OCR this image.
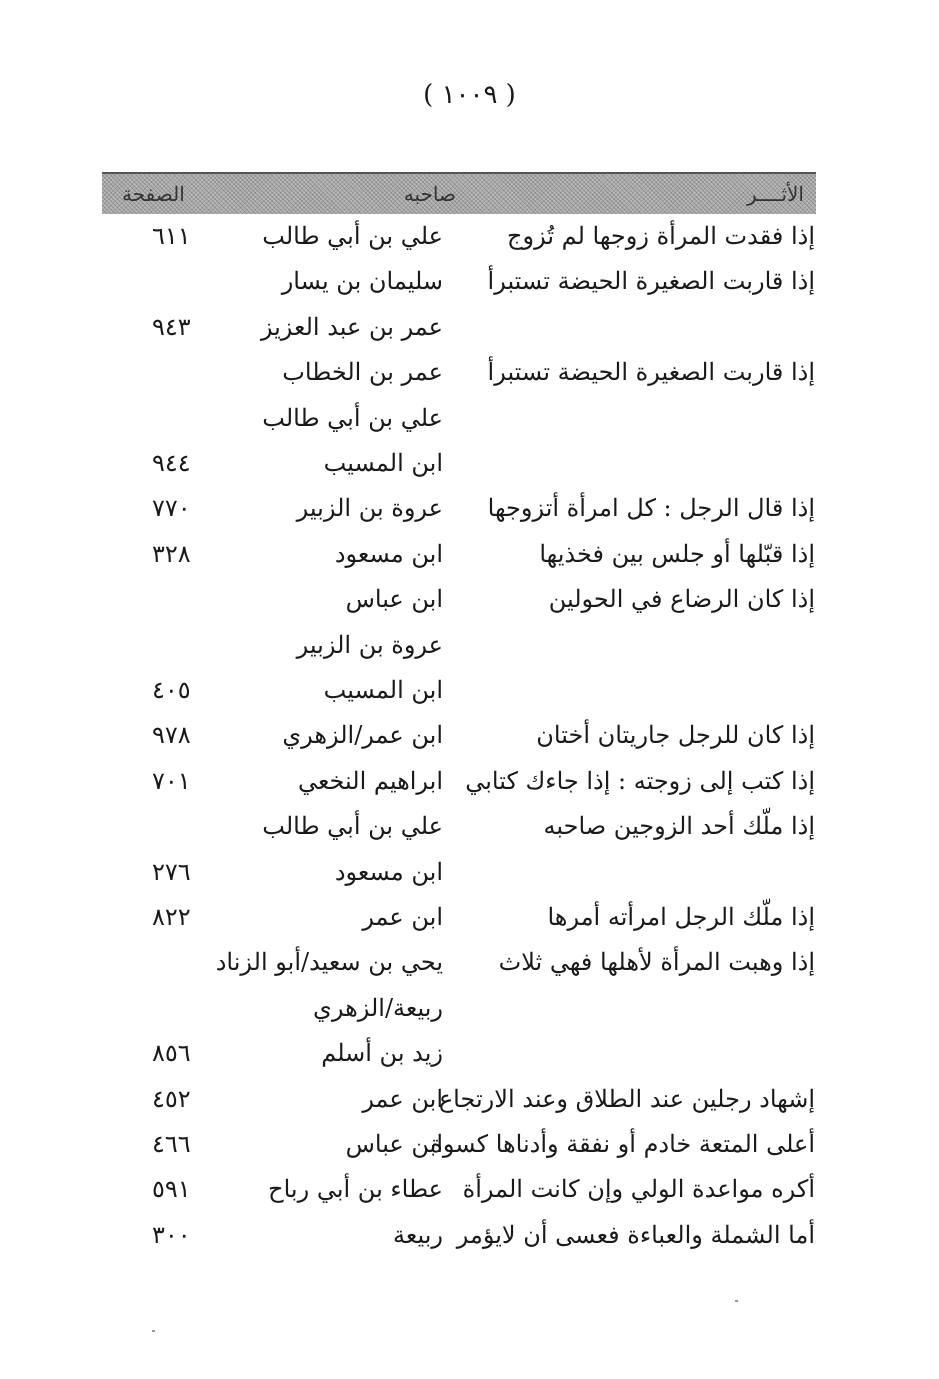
( ١٠٠٩ )
الأثــــر
صاحبه
الصفحة
إذا فقدت المرأة زوجها لم تُزوج
علي بن أبي طالب
٦١١
إذا قاربت الصغيرة الحيضة تستبرأ
سليمان بن يسار
عمر بن عبد العزيز
٩٤٣
إذا قاربت الصغيرة الحيضة تستبرأ
عمر بن الخطاب
علي بن أبي طالب
ابن المسيب
٩٤٤
إذا قال الرجل : كل امرأة أتزوجها
عروة بن الزبير
٧٧٠
إذا قبّلها أو جلس بين فخذيها
ابن مسعود
٣٢٨
إذا كان الرضاع في الحولين
ابن عباس
عروة بن الزبير
ابن المسيب
٤٠٥
إذا كان للرجل جاريتان أختان
ابن عمر/الزهري
٩٧٨
إذا كتب إلى زوجته : إذا جاءك كتابي
ابراهيم النخعي
٧٠١
إذا ملّك أحد الزوجين صاحبه
علي بن أبي طالب
ابن مسعود
٢٧٦
إذا ملّك الرجل امرأته أمرها
ابن عمر
٨٢٢
إذا وهبت المرأة لأهلها فهي ثلاث
يحي بن سعيد/أبو الزناد
ربيعة/الزهري
زيد بن أسلم
٨٥٦
إشهاد رجلين عند الطلاق وعند الارتجاع
ابن عمر
٤٥٢
أعلى المتعة خادم أو نفقة وأدناها كسوة
ابن عباس
٤٦٦
أكره مواعدة الولي وإن كانت المرأة
عطاء بن أبي رباح
٥٩١
أما الشملة والعباءة فعسى أن لايؤمر
ربيعة
٣٠٠
